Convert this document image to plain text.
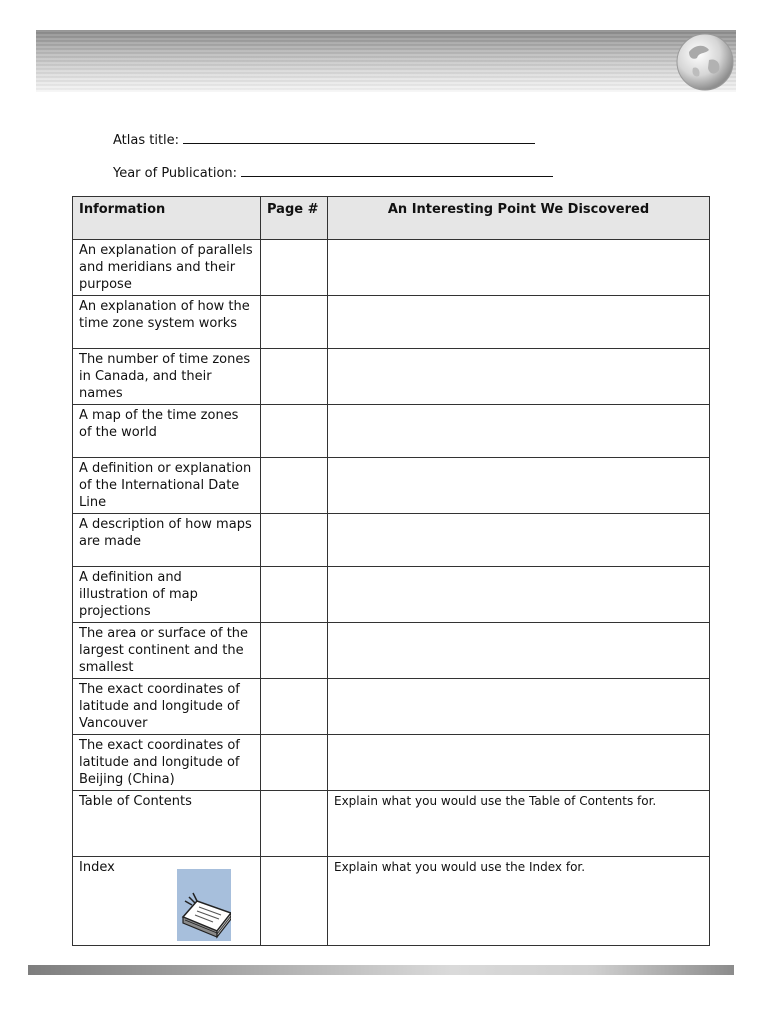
Atlas title:
Year of Publication:
Information	Page #	An Interesting Point We Discovered
An explanation of parallels and meridians and their purpose		
An explanation of how the time zone system works		
The number of time zones in Canada, and their names		
A map of the time zones of the world		
A definition or explanation of the International Date Line		
A description of how maps are made		
A definition and illustration of map projections		
The area or surface of the largest continent and the smallest		
The exact coordinates of latitude and longitude of Vancouver		
The exact coordinates of latitude and longitude of Beijing (China)		
Table of Contents		Explain what you would use the Table of Contents for.
Index		Explain what you would use the Index for.
